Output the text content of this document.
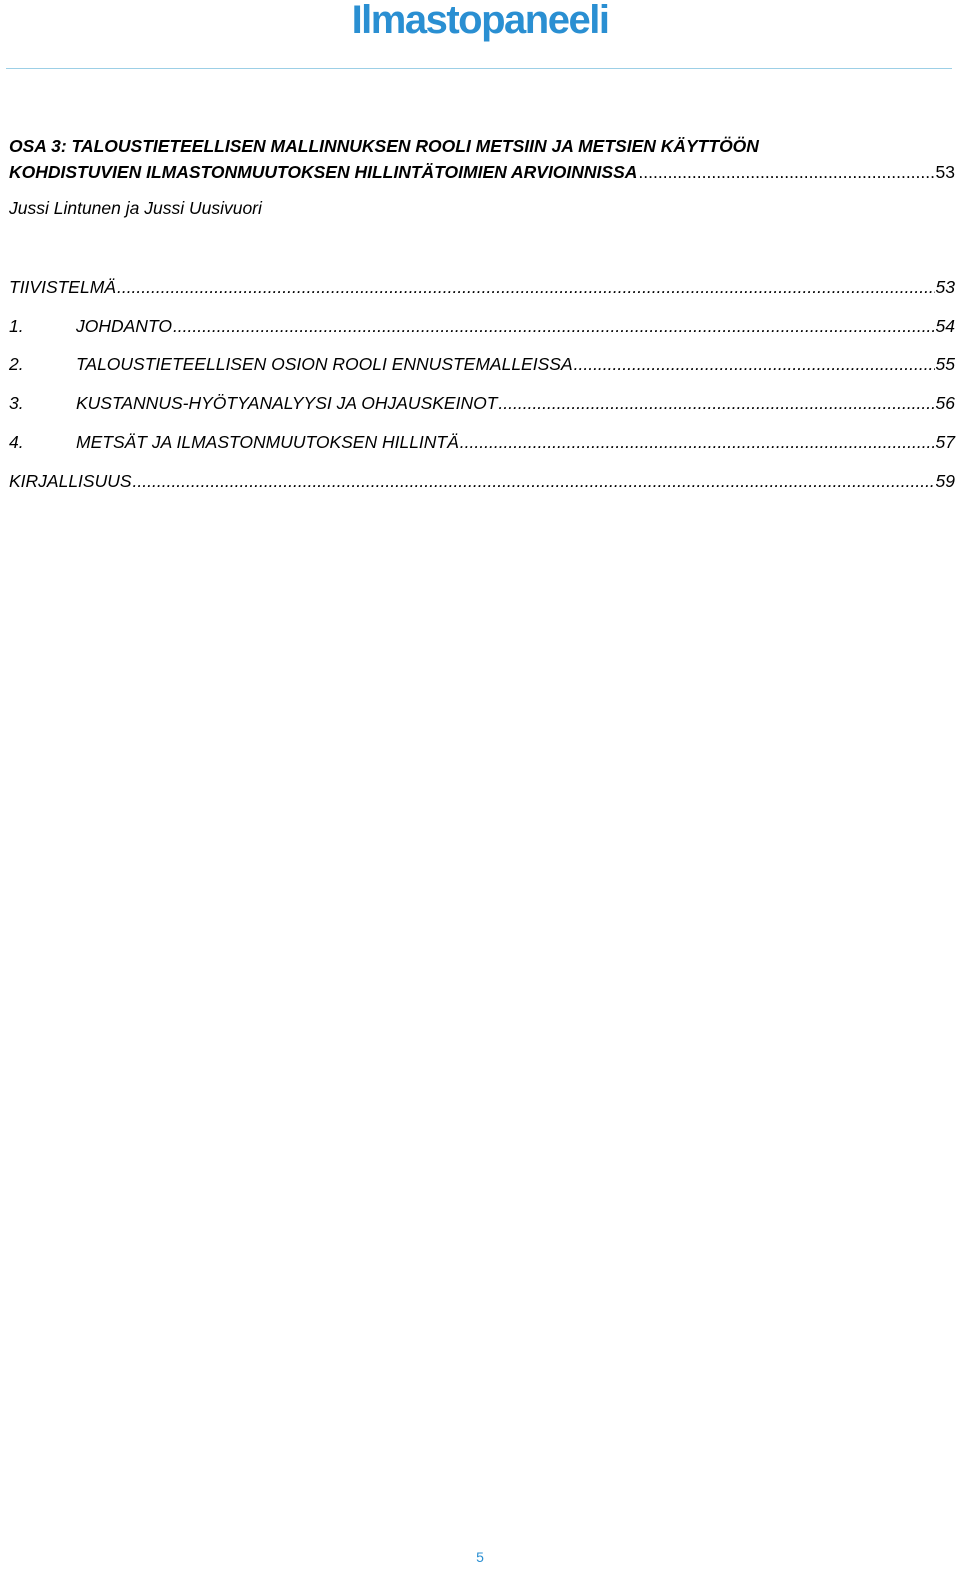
Ilmastopaneeli
OSA 3: TALOUSTIETEELLISEN MALLINNUKSEN ROOLI METSIIN JA METSIEN KÄYTTÖÖN
KOHDISTUVIEN ILMASTONMUUTOKSEN HILLINTÄTOIMIEN ARVIOINNISSA .....	53
Jussi Lintunen ja Jussi Uusivuori
TIIVISTELMÄ .....	53
1.	JOHDANTO .....	54
2.	TALOUSTIETEELLISEN OSION ROOLI ENNUSTEMALLEISSA .....	55
3.	KUSTANNUS-HYÖTYANALYYSI JA OHJAUSKEINOT .....	56
4.	METSÄT JA ILMASTONMUUTOKSEN HILLINTÄ .....	57
KIRJALLISUUS .....	59
5
